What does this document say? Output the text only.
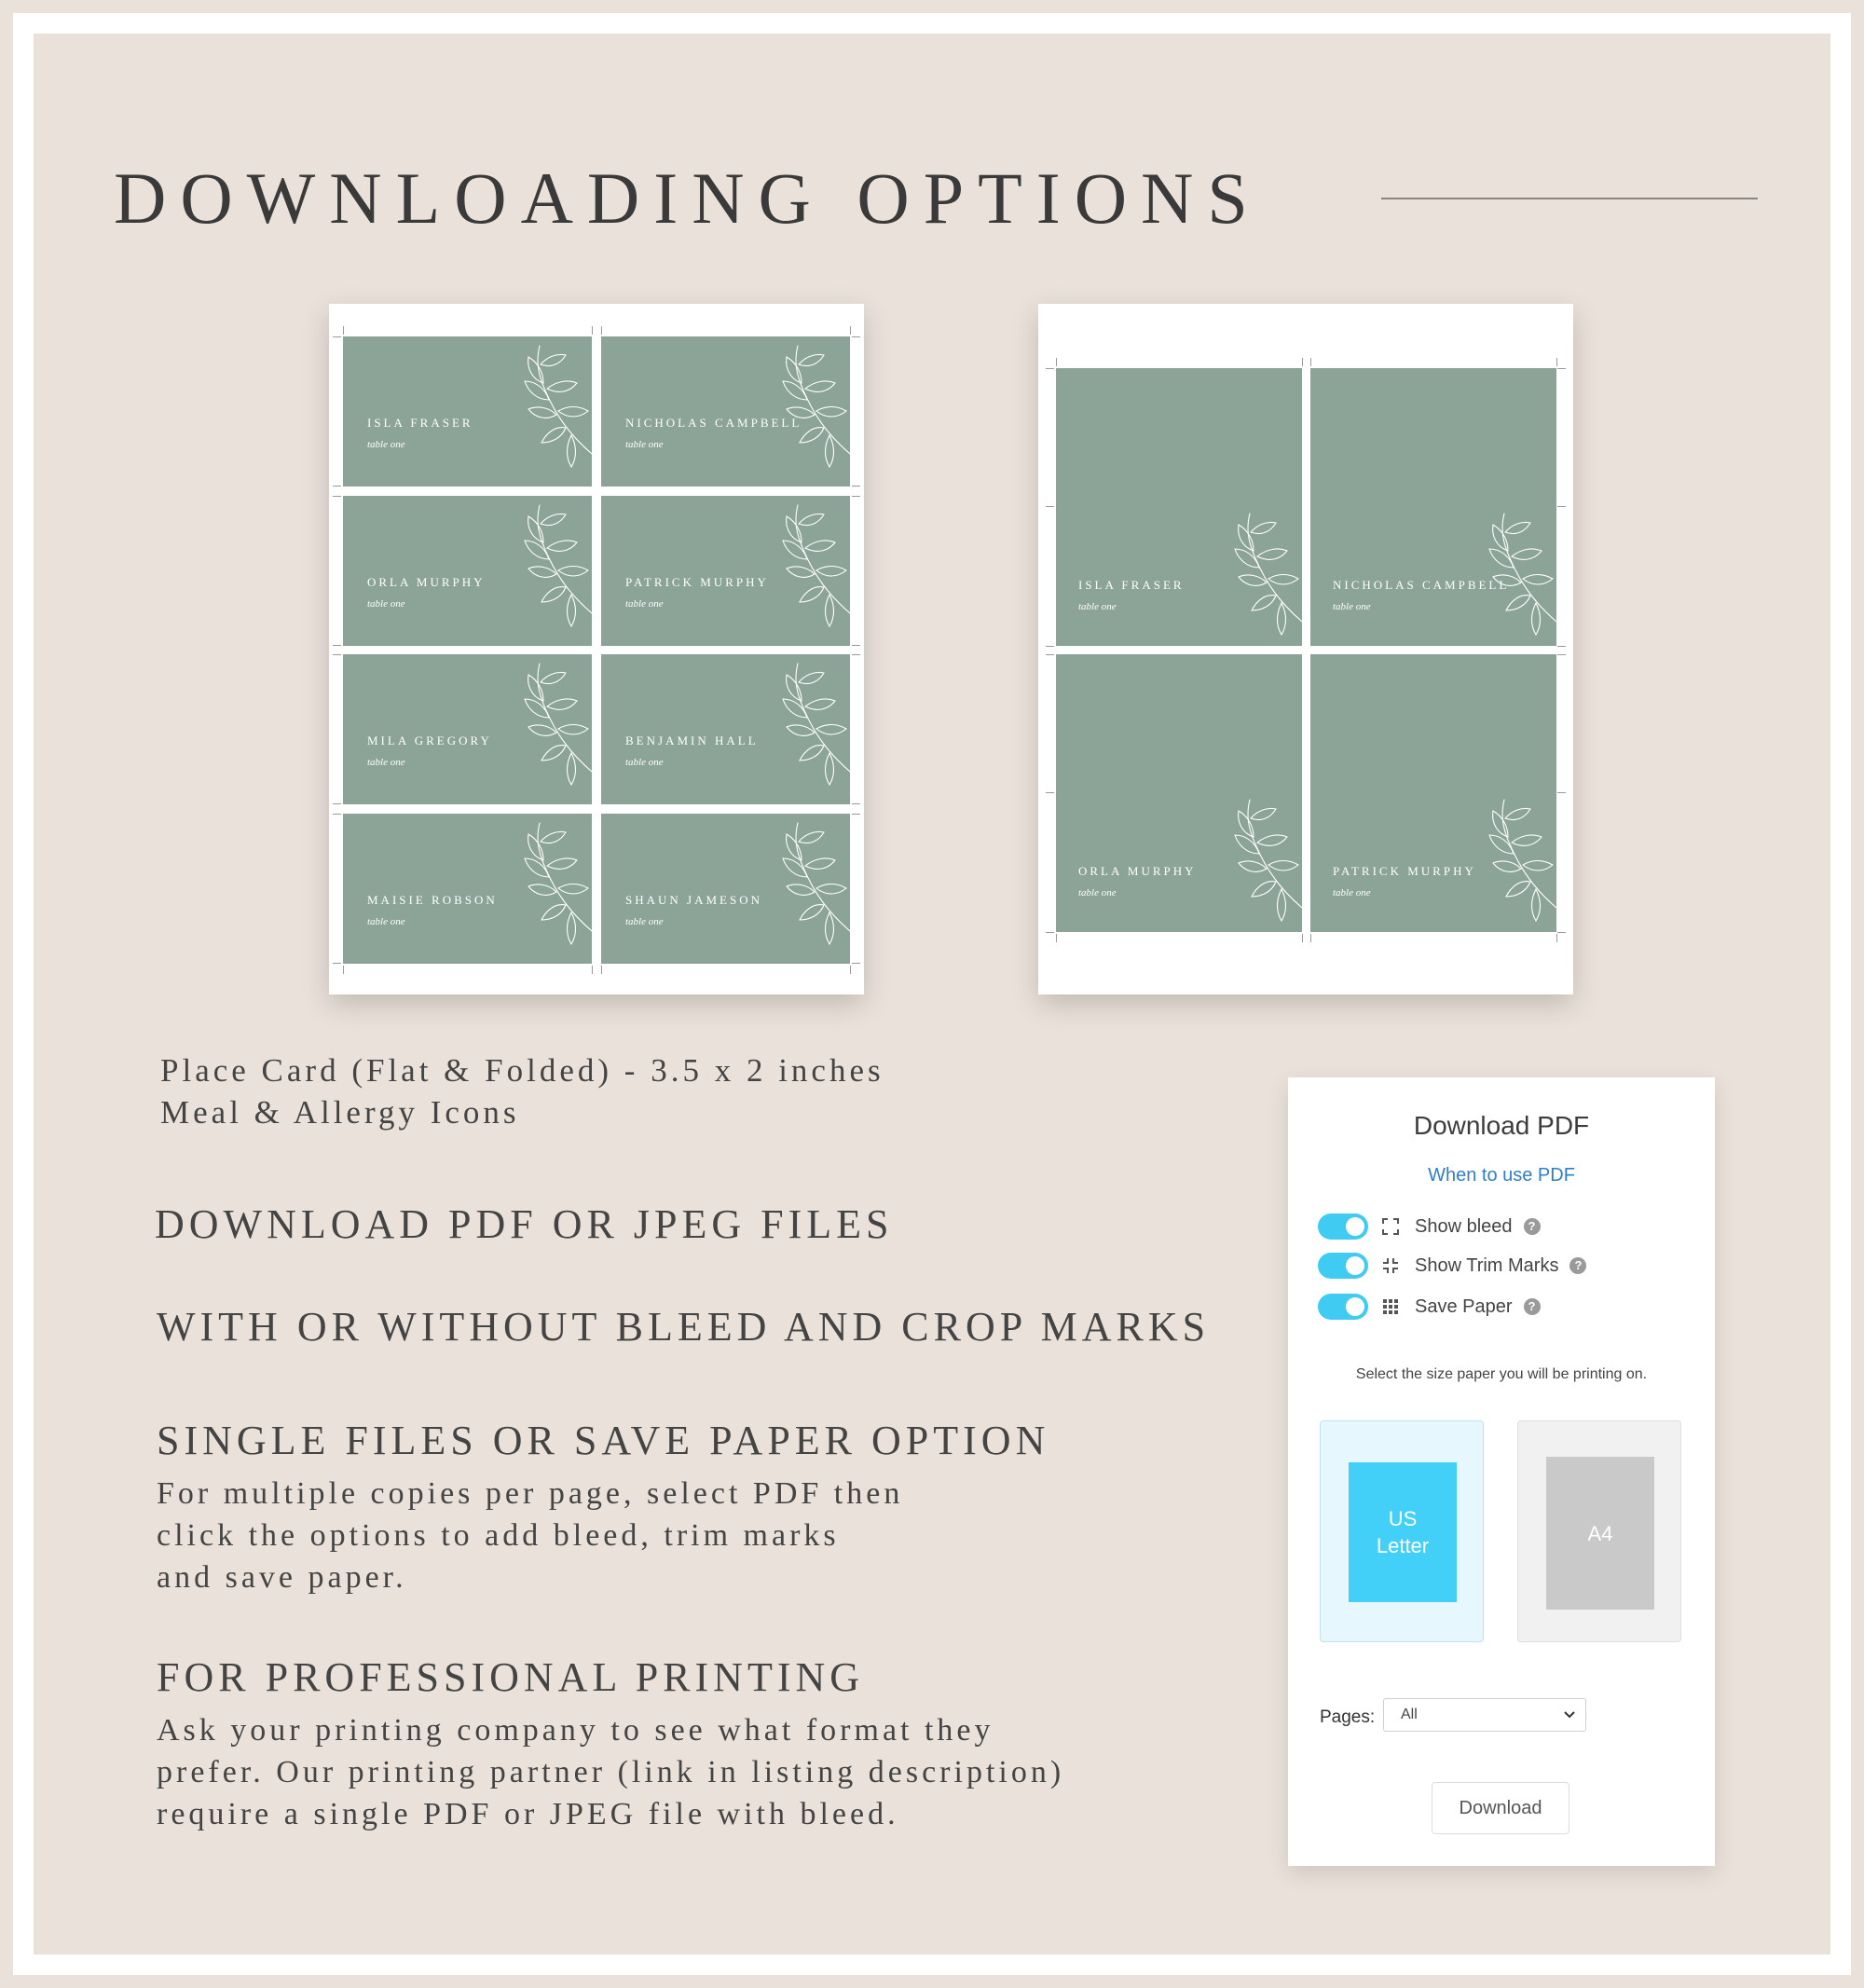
DOWNLOADING OPTIONS
ISLA FRASER
table one
NICHOLAS CAMPBELL
table one
ORLA MURPHY
table one
PATRICK MURPHY
table one
MILA GREGORY
table one
BENJAMIN HALL
table one
MAISIE ROBSON
table one
SHAUN JAMESON
table one
ISLA FRASER
table one
NICHOLAS CAMPBELL
table one
ORLA MURPHY
table one
PATRICK MURPHY
table one
Place Card (Flat & Folded) - 3.5 x 2 inches
Meal & Allergy Icons
DOWNLOAD PDF OR JPEG FILES
WITH OR WITHOUT BLEED AND CROP MARKS
SINGLE FILES OR SAVE PAPER OPTION
For multiple copies per page, select PDF then
click the options to add bleed, trim marks
and save paper.
FOR PROFESSIONAL PRINTING
Ask your printing company to see what format they
prefer. Our printing partner (link in listing description)
require a single PDF or JPEG file with bleed.
Download PDF
When to use PDF
Show bleed	?
Show Trim Marks	?
Save Paper	?
Select the size paper you will be printing on.
US
Letter
A4
Pages:	All
Download
